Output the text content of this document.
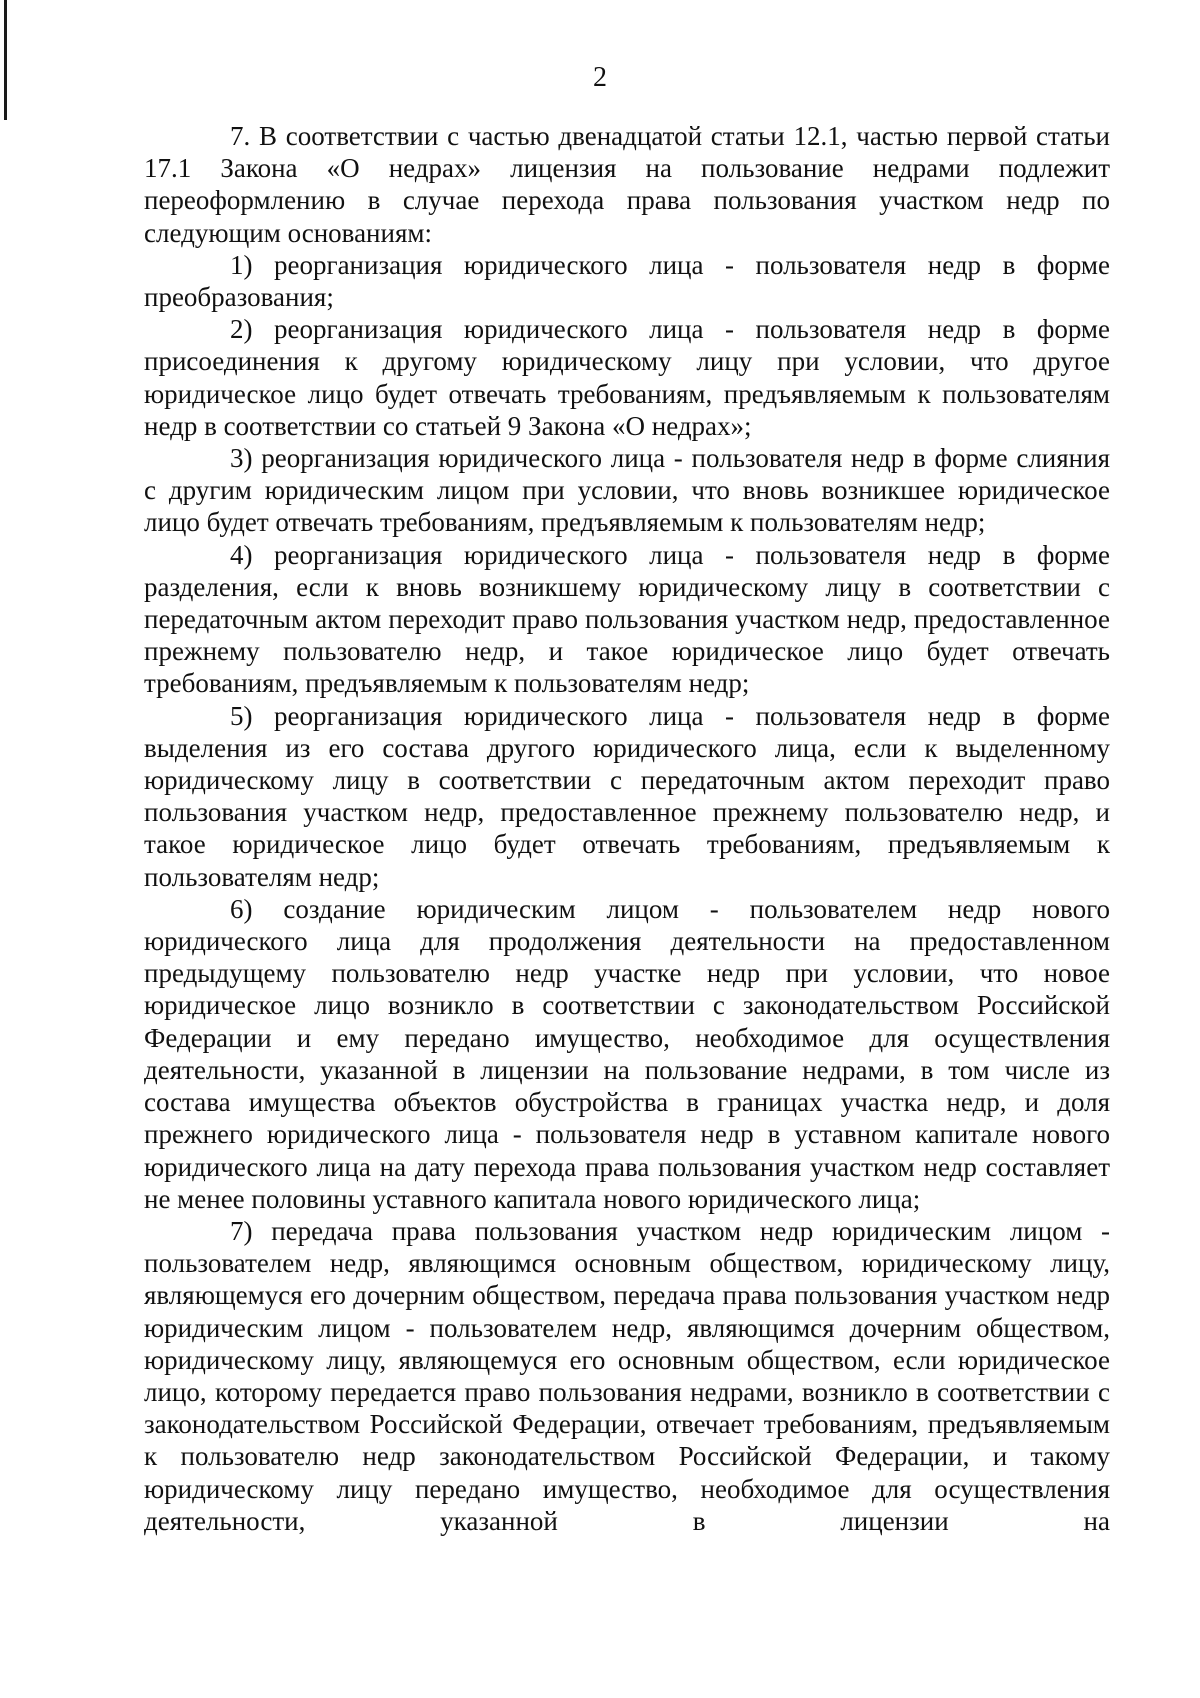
2

7. В соответствии с частью двенадцатой статьи 12.1, частью первой статьи 17.1 Закона «О недрах» лицензия на пользование недрами подлежит переоформлению в случае перехода права пользования участком недр по следующим основаниям:

1) реорганизация юридического лица - пользователя недр в форме преобразования;

2) реорганизация юридического лица - пользователя недр в форме присоединения к другому юридическому лицу при условии, что другое юридическое лицо будет отвечать требованиям, предъявляемым к пользователям недр в соответствии со статьей 9 Закона «О недрах»;

3) реорганизация юридического лица - пользователя недр в форме слияния с другим юридическим лицом при условии, что вновь возникшее юридическое лицо будет отвечать требованиям, предъявляемым к пользователям недр;

4) реорганизация юридического лица - пользователя недр в форме разделения, если к вновь возникшему юридическому лицу в соответствии с передаточным актом переходит право пользования участком недр, предоставленное прежнему пользователю недр, и такое юридическое лицо будет отвечать требованиям, предъявляемым к пользователям недр;

5) реорганизация юридического лица - пользователя недр в форме выделения из его состава другого юридического лица, если к выделенному юридическому лицу в соответствии с передаточным актом переходит право пользования участком недр, предоставленное прежнему пользователю недр, и такое юридическое лицо будет отвечать требованиям, предъявляемым к пользователям недр;

6) создание юридическим лицом - пользователем недр нового юридического лица для продолжения деятельности на предоставленном предыдущему пользователю недр участке недр при условии, что новое юридическое лицо возникло в соответствии с законодательством Российской Федерации и ему передано имущество, необходимое для осуществления деятельности, указанной в лицензии на пользование недрами, в том числе из состава имущества объектов обустройства в границах участка недр, и доля прежнего юридического лица - пользователя недр в уставном капитале нового юридического лица на дату перехода права пользования участком недр составляет не менее половины уставного капитала нового юридического лица;

7) передача права пользования участком недр юридическим лицом - пользователем недр, являющимся основным обществом, юридическому лицу, являющемуся его дочерним обществом, передача права пользования участком недр юридическим лицом - пользователем недр, являющимся дочерним обществом, юридическому лицу, являющемуся его основным обществом, если юридическое лицо, которому передается право пользования недрами, возникло в соответствии с законодательством Российской Федерации, отвечает требованиям, предъявляемым к пользователю недр законодательством Российской Федерации, и такому юридическому лицу передано имущество, необходимое для осуществления деятельности, указанной в лицензии на
